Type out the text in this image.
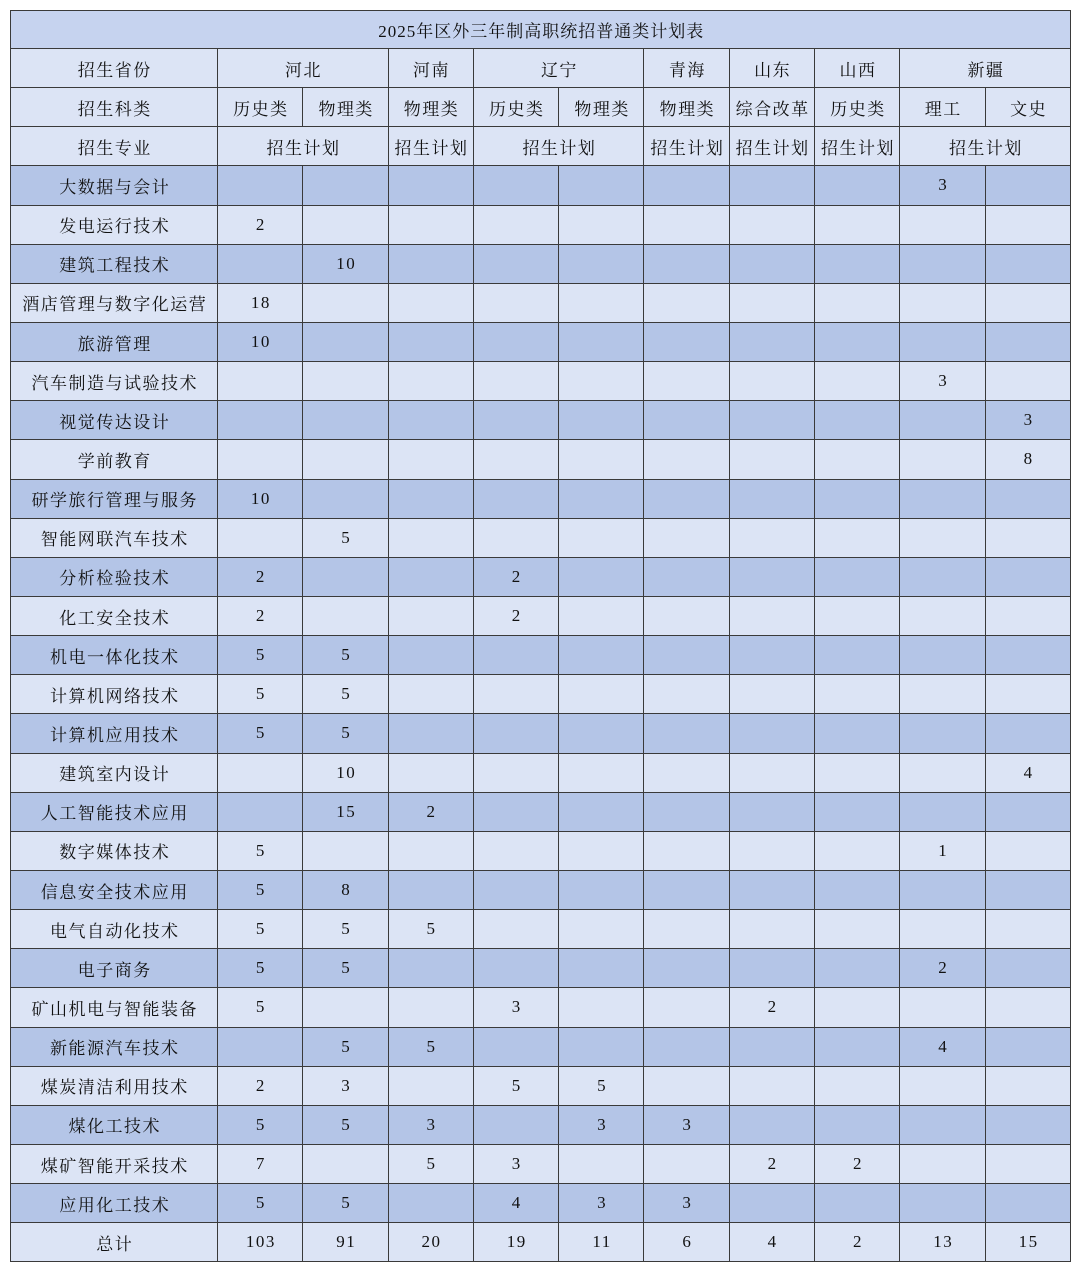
2025年区外三年制高职统招普通类计划表										
招生省份	河北		河南	辽宁		青海	山东	山西	新疆	
招生科类	历史类	物理类	物理类	历史类	物理类	物理类	综合改革	历史类	理工	文史
招生专业	招生计划		招生计划	招生计划		招生计划	招生计划	招生计划	招生计划	
大数据与会计									3	
发电运行技术	2									
建筑工程技术		10								
酒店管理与数字化运营	18									
旅游管理	10									
汽车制造与试验技术									3	
视觉传达设计										3
学前教育										8
研学旅行管理与服务	10									
智能网联汽车技术		5								
分析检验技术	2			2						
化工安全技术	2			2						
机电一体化技术	5	5								
计算机网络技术	5	5								
计算机应用技术	5	5								
建筑室内设计		10								4
人工智能技术应用		15	2							
数字媒体技术	5								1	
信息安全技术应用	5	8								
电气自动化技术	5	5	5							
电子商务	5	5							2	
矿山机电与智能装备	5			3			2			
新能源汽车技术		5	5						4	
煤炭清洁利用技术	2	3		5	5					
煤化工技术	5	5	3		3	3				
煤矿智能开采技术	7		5	3			2	2		
应用化工技术	5	5		4	3	3				
总计	103	91	20	19	11	6	4	2	13	15
